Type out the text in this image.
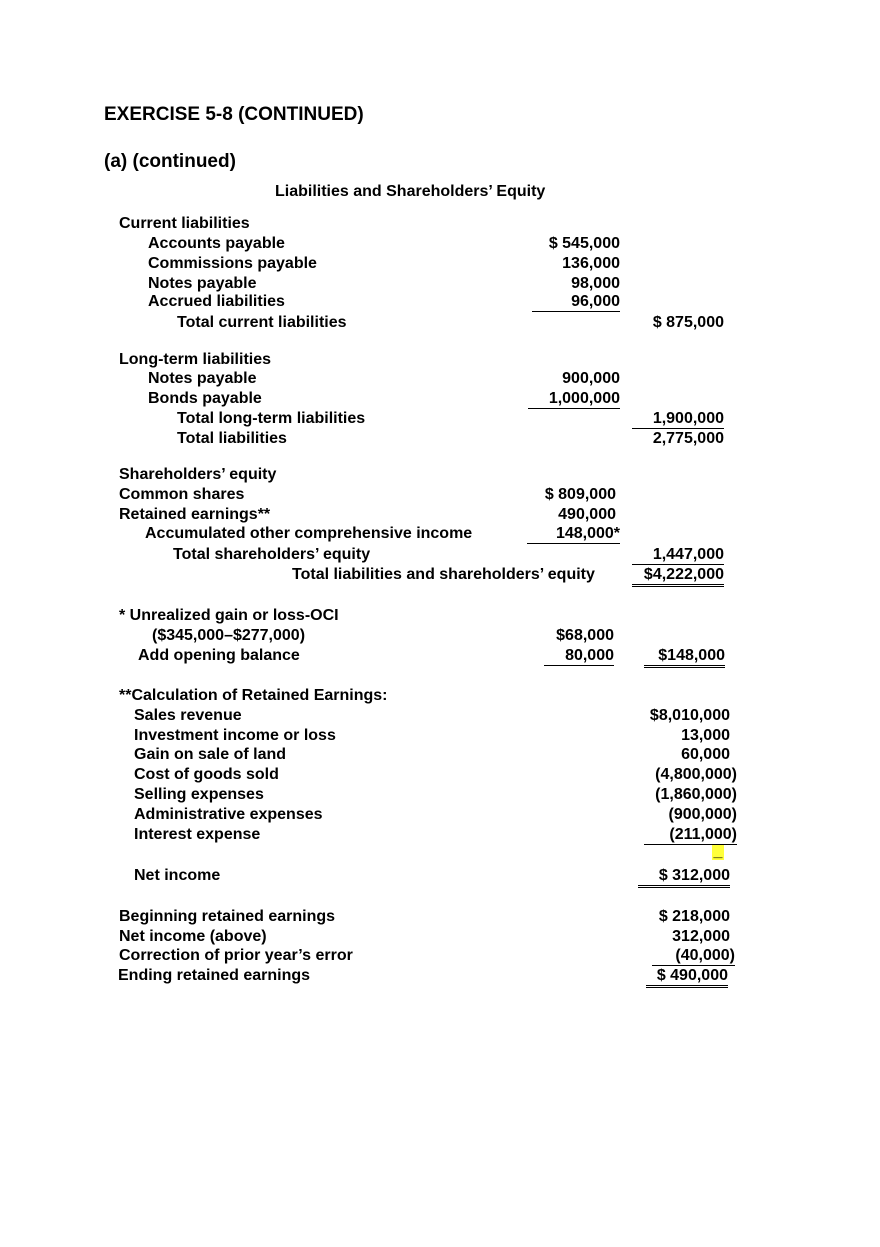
EXERCISE 5-8 (CONTINUED)
(a) (continued)
Liabilities and Shareholders’ Equity
Current liabilities
Accounts payable	$ 545,000
Commissions payable	136,000
Notes payable	98,000
Accrued liabilities	96,000
Total current liabilities	$ 875,000
Long-term liabilities
Notes payable	900,000
Bonds payable	1,000,000
Total long-term liabilities	1,900,000
Total liabilities	2,775,000
Shareholders’ equity
Common shares	$ 809,000
Retained earnings**	490,000
Accumulated other comprehensive income	148,000*
Total shareholders’ equity	1,447,000
Total liabilities and shareholders’ equity	$4,222,000
* Unrealized gain or loss-OCI
($345,000–$277,000)	$68,000
Add opening balance	80,000	$148,000
**Calculation of Retained Earnings:
Sales revenue	$8,010,000
Investment income or loss	13,000
Gain on sale of land	60,000
Cost of goods sold	(4,800,000)
Selling expenses	(1,860,000)
Administrative expenses	(900,000)
Interest expense	(211,000)
_
Net income	$ 312,000
Beginning retained earnings	$ 218,000
Net income (above)	312,000
Correction of prior year’s error	(40,000)
Ending retained earnings	$ 490,000
